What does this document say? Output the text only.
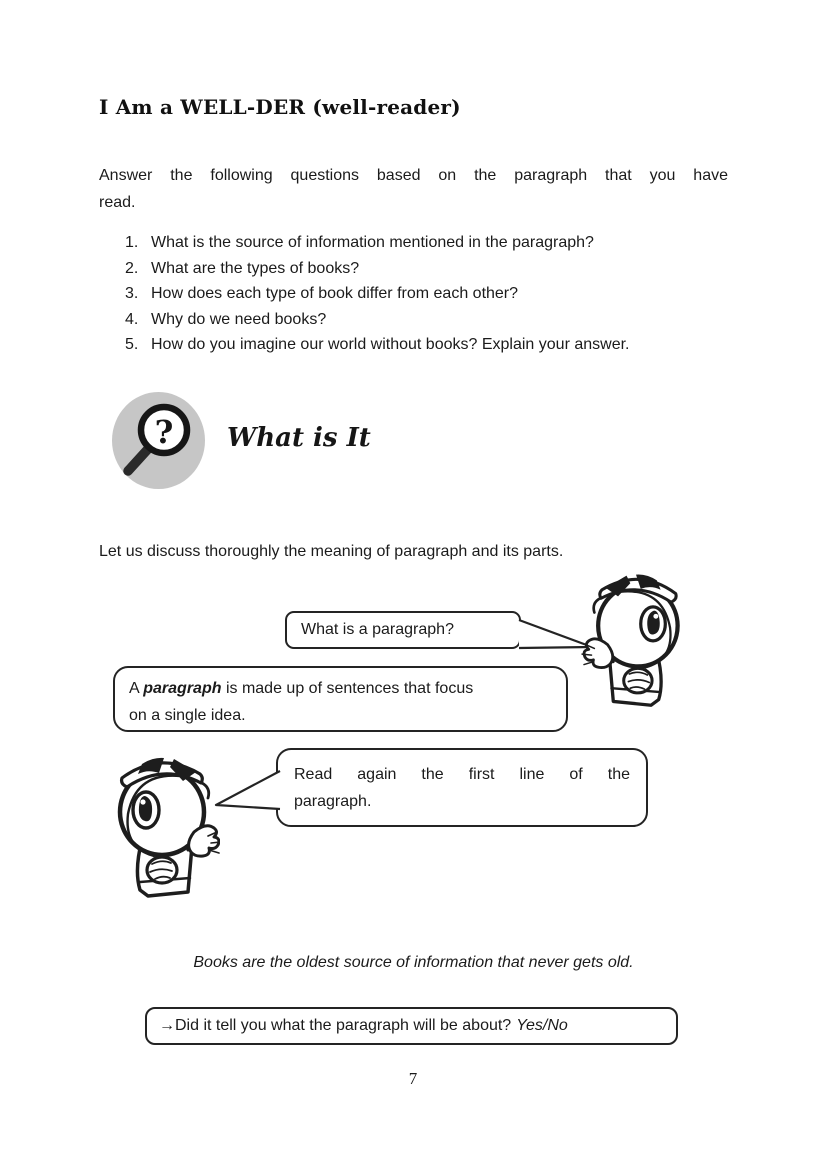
I Am a WELL-DER (well-reader)
Answer the following questions based on the paragraph that you have
read.
1. What is the source of information mentioned in the paragraph?
2. What are the types of books?
3. How does each type of book differ from each other?
4. Why do we need books?
5. How do you imagine our world without books? Explain your answer.
? What is It
Let us discuss thoroughly the meaning of paragraph and its parts.
What is a paragraph?
A paragraph is made up of sentences that focus
on a single idea.
Read again the first line of the
paragraph.
Books are the oldest source of information that never gets old.
→Did it tell you what the paragraph will be about? Yes/No
7
